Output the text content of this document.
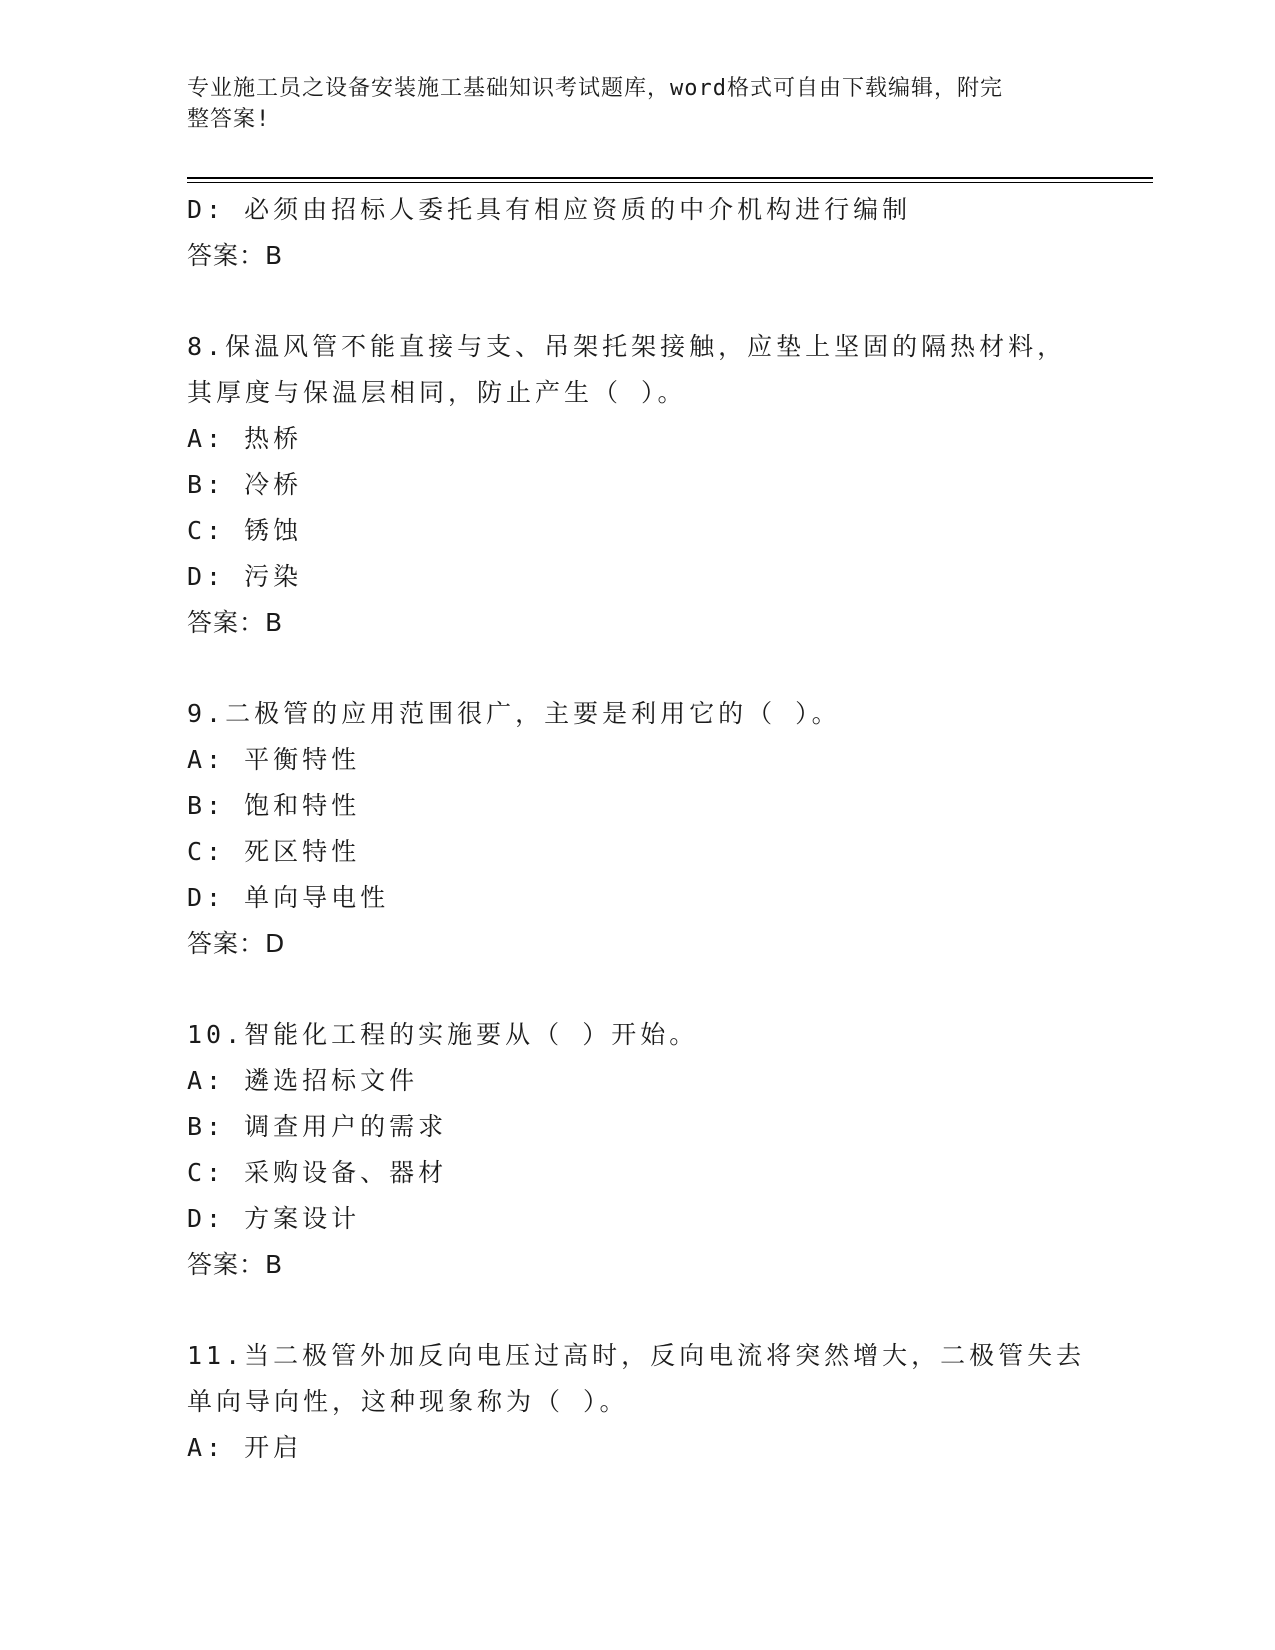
专业施工员之设备安装施工基础知识考试题库，word格式可自由下载编辑，附完
整答案!
D: 必须由招标人委托具有相应资质的中介机构进行编制
答案：B
8.保温风管不能直接与支、吊架托架接触，应垫上坚固的隔热材料，
其厚度与保温层相同，防止产生（ ）。
A: 热桥
B: 冷桥
C: 锈蚀
D: 污染
答案：B
9.二极管的应用范围很广，主要是利用它的（ ）。
A: 平衡特性
B: 饱和特性
C: 死区特性
D: 单向导电性
答案：D
10.智能化工程的实施要从（ ）开始。
A: 遴选招标文件
B: 调查用户的需求
C: 采购设备、器材
D: 方案设计
答案：B
11.当二极管外加反向电压过高时，反向电流将突然增大，二极管失去
单向导向性，这种现象称为（ ）。
A: 开启
